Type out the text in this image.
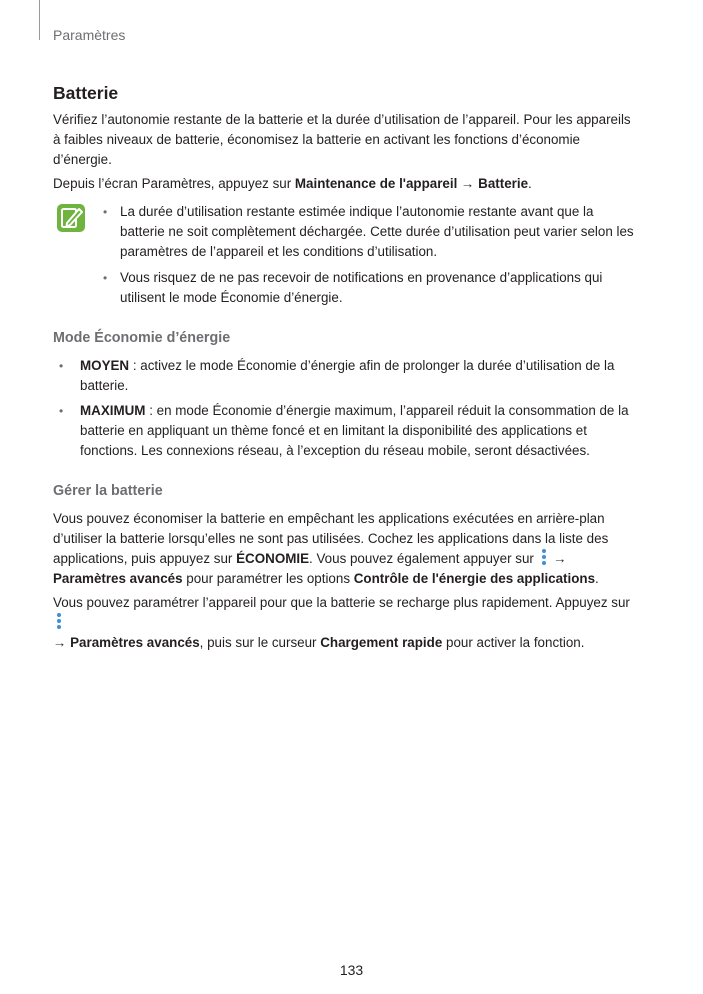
Paramètres
Batterie

Vérifiez l’autonomie restante de la batterie et la durée d’utilisation de l’appareil. Pour les appareils à faibles niveaux de batterie, économisez la batterie en activant les fonctions d’économie d’énergie.

Depuis l’écran Paramètres, appuyez sur Maintenance de l'appareil → Batterie.

• La durée d’utilisation restante estimée indique l’autonomie restante avant que la batterie ne soit complètement déchargée. Cette durée d’utilisation peut varier selon les paramètres de l’appareil et les conditions d’utilisation.
• Vous risquez de ne pas recevoir de notifications en provenance d’applications qui utilisent le mode Économie d’énergie.
Mode Économie d’énergie
• MOYEN : activez le mode Économie d’énergie afin de prolonger la durée d’utilisation de la batterie.
• MAXIMUM : en mode Économie d’énergie maximum, l’appareil réduit la consommation de la batterie en appliquant un thème foncé et en limitant la disponibilité des applications et fonctions. Les connexions réseau, à l’exception du réseau mobile, seront désactivées.
Gérer la batterie

Vous pouvez économiser la batterie en empêchant les applications exécutées en arrière-plan d’utiliser la batterie lorsqu’elles ne sont pas utilisées. Cochez les applications dans la liste des applications, puis appuyez sur ÉCONOMIE. Vous pouvez également appuyer sur
→ Paramètres avancés pour paramétrer les options Contrôle de l'énergie des applications.

Vous pouvez paramétrer l’appareil pour que la batterie se recharge plus rapidement. Appuyez sur

→ Paramètres avancés, puis sur le curseur Chargement rapide pour activer la fonction.

133
